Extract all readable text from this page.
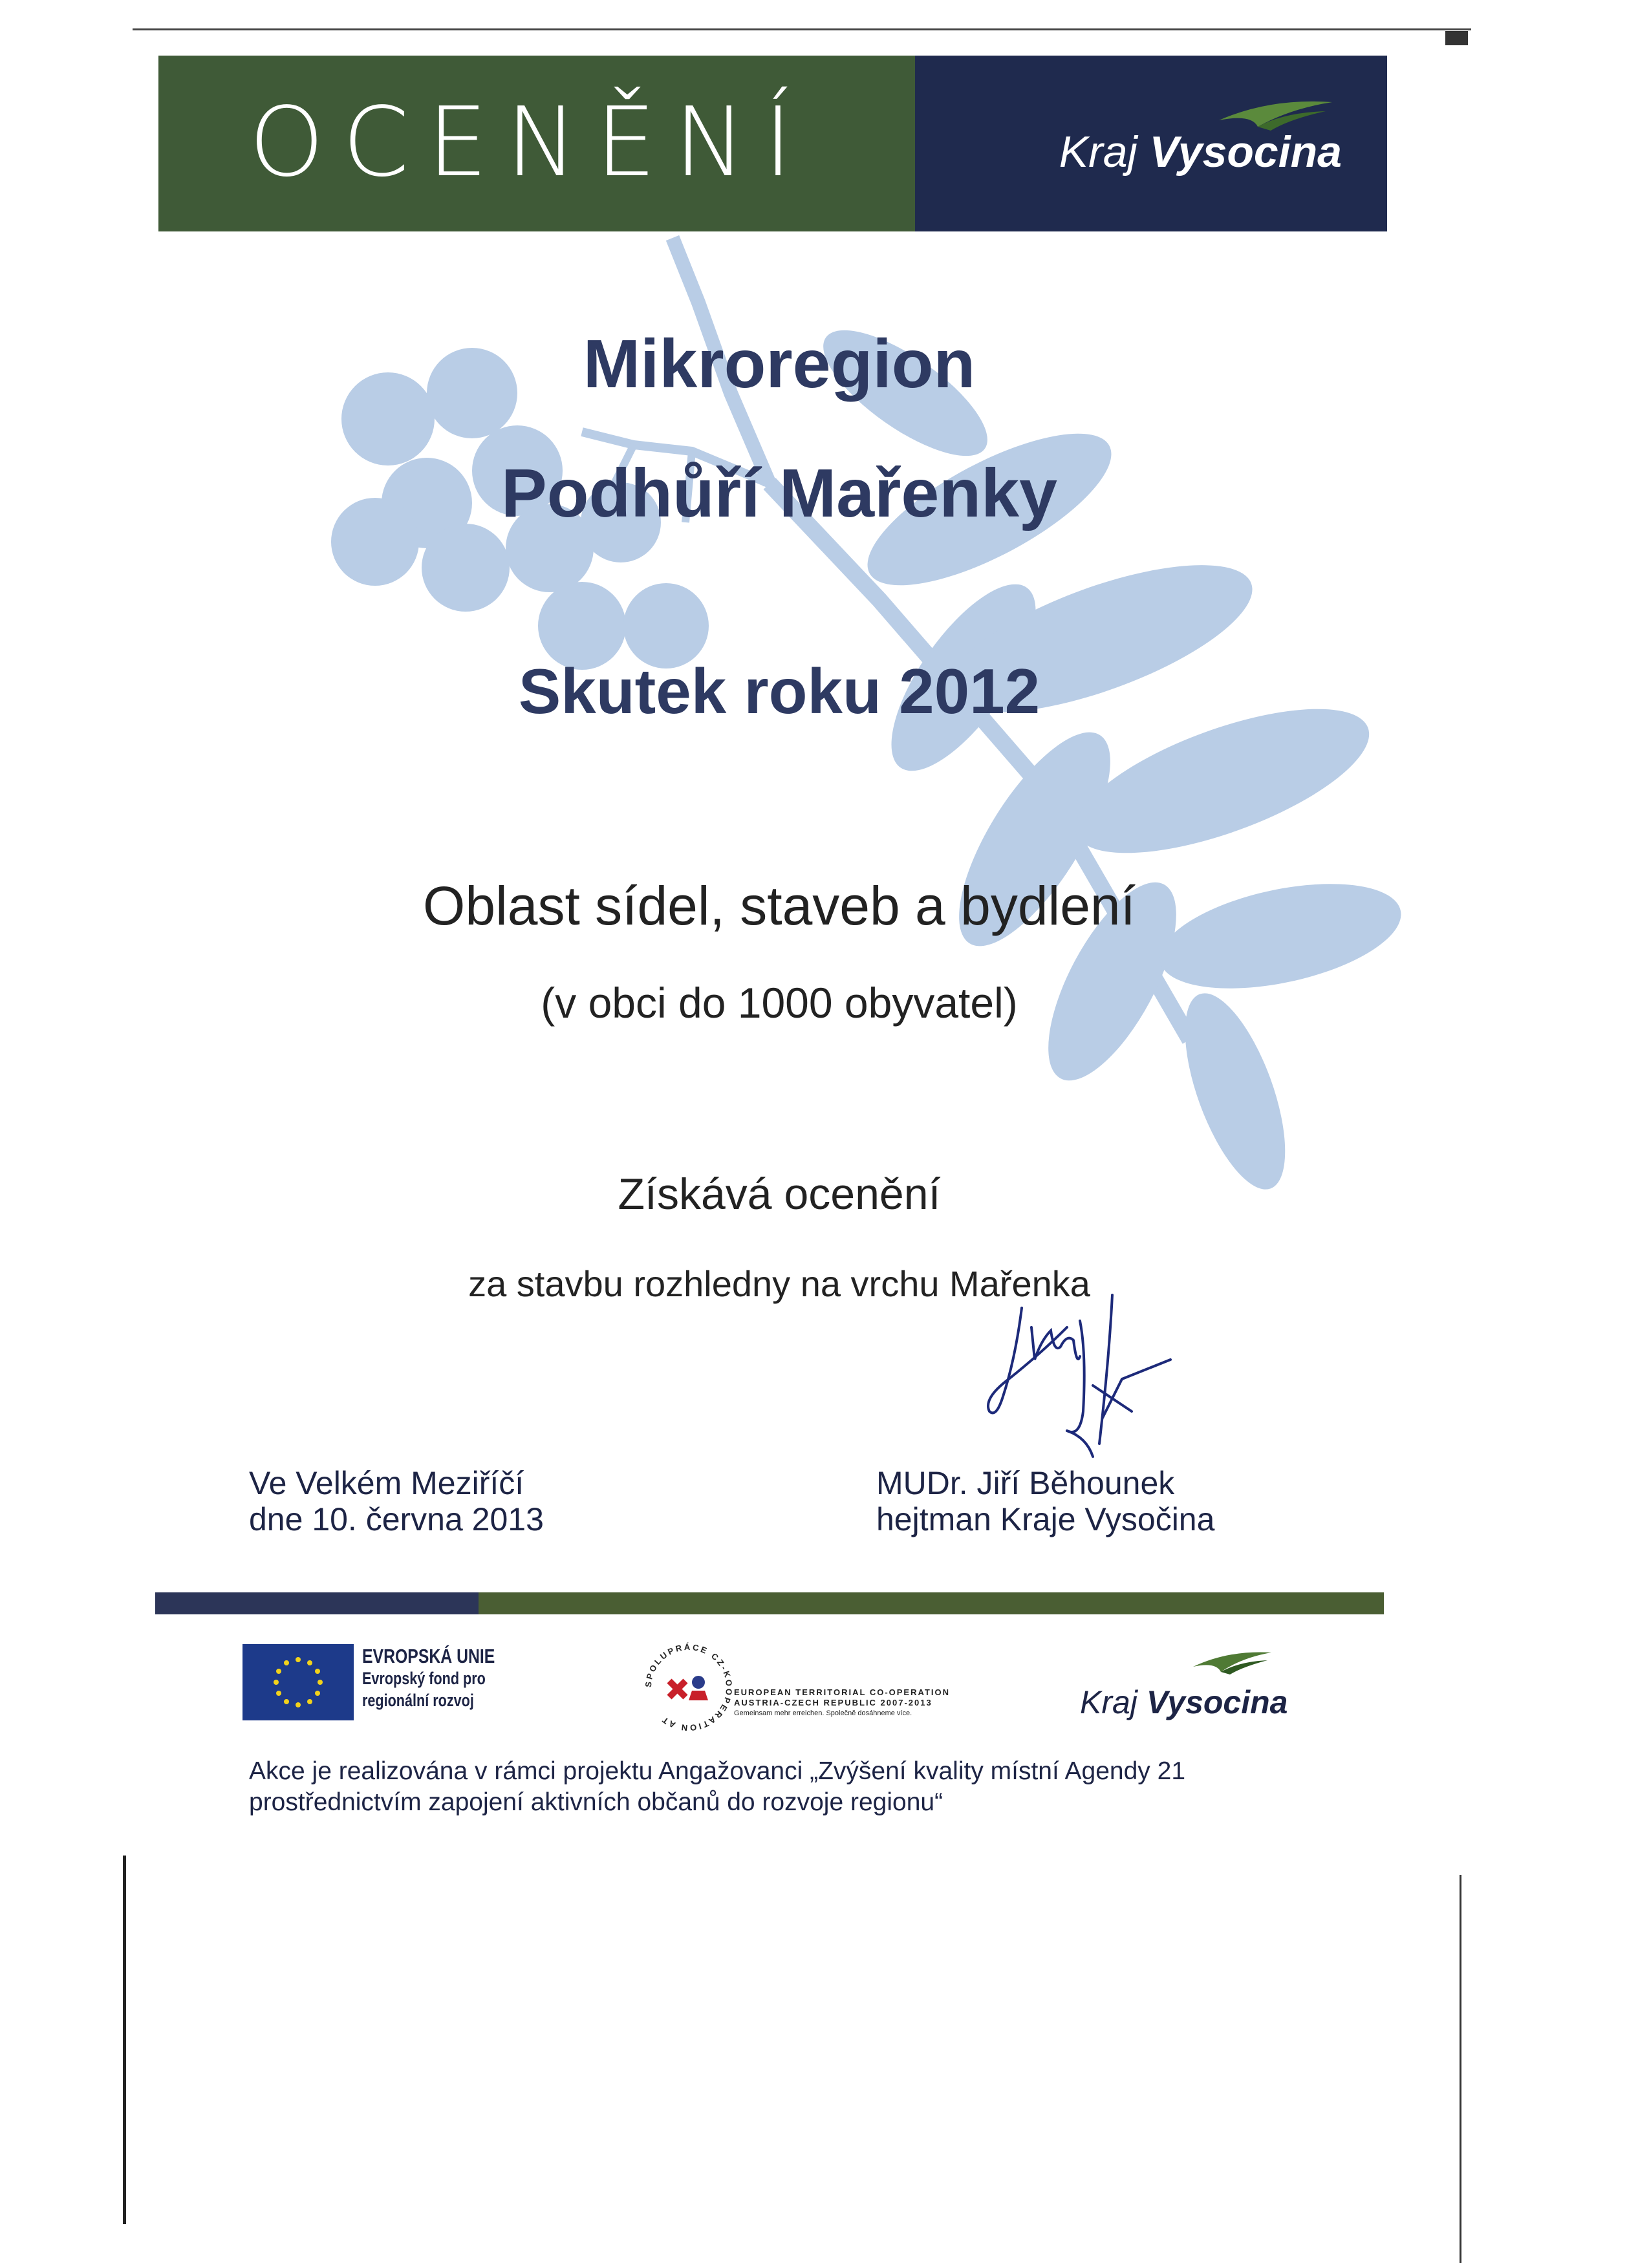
OCENĚNÍ	Kraj Vysocina
Mikroregion
Podhůří Mařenky
Skutek roku 2012
Oblast sídel, staveb a bydlení
(v obci do 1000 obyvatel)
Získává ocenění
za stavbu rozhledny na vrchu Mařenka
Ve Velkém Meziříčí
dne 10. června 2013
MUDr. Jiří Běhounek
hejtman Kraje Vysočina
EVROPSKÁ UNIE
Evropský fond pro
regionální rozvoj
SPOLUPRÁCE CZ-KOOPERATION AT
EUROPEAN TERRITORIAL CO-OPERATION
AUSTRIA-CZECH REPUBLIC 2007-2013
Gemeinsam mehr erreichen. Společně dosáhneme více.	Kraj Vysocina
Akce je realizována v rámci projektu Angažovanci „Zvýšení kvality místní Agendy 21
prostřednictvím zapojení aktivních občanů do rozvoje regionu“
